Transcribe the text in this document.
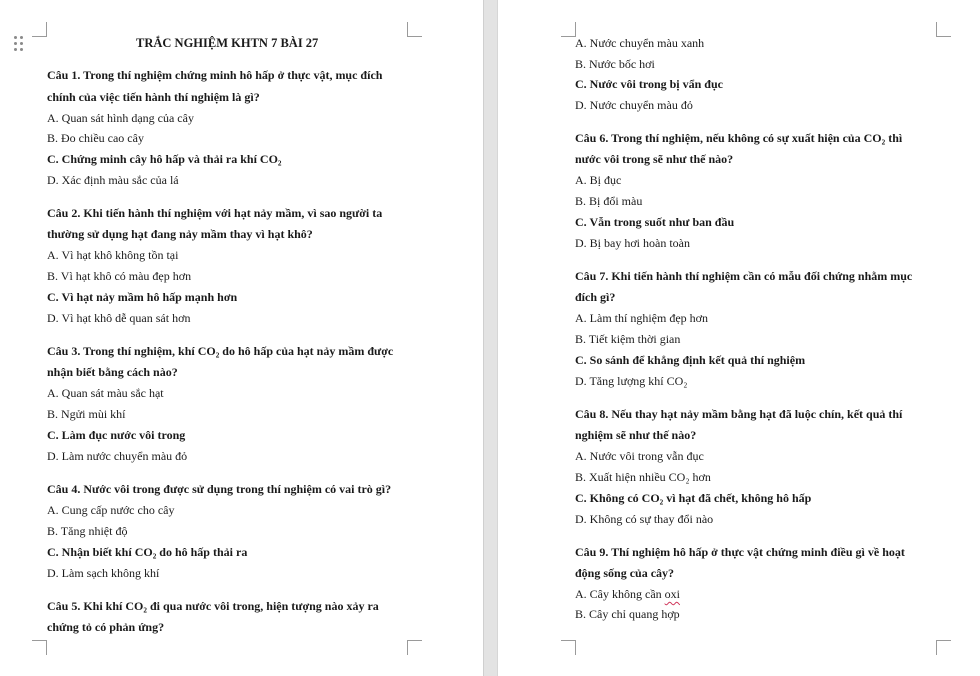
TRẮC NGHIỆM KHTN 7 BÀI 27
Câu 1. Trong thí nghiệm chứng minh hô hấp ở thực vật, mục đích
chính của việc tiến hành thí nghiệm là gì?
A. Quan sát hình dạng của cây
B. Đo chiều cao cây
C. Chứng minh cây hô hấp và thải ra khí CO₂
D. Xác định màu sắc của lá
Câu 2. Khi tiến hành thí nghiệm với hạt nảy mầm, vì sao người ta
thường sử dụng hạt đang nảy mầm thay vì hạt khô?
A. Vì hạt khô không tồn tại
B. Vì hạt khô có màu đẹp hơn
C. Vì hạt nảy mầm hô hấp mạnh hơn
D. Vì hạt khô dễ quan sát hơn
Câu 3. Trong thí nghiệm, khí CO₂ do hô hấp của hạt nảy mầm được
nhận biết bằng cách nào?
A. Quan sát màu sắc hạt
B. Ngửi mùi khí
C. Làm đục nước vôi trong
D. Làm nước chuyển màu đỏ
Câu 4. Nước vôi trong được sử dụng trong thí nghiệm có vai trò gì?
A. Cung cấp nước cho cây
B. Tăng nhiệt độ
C. Nhận biết khí CO₂ do hô hấp thải ra
D. Làm sạch không khí
Câu 5. Khi khí CO₂ đi qua nước vôi trong, hiện tượng nào xảy ra
chứng tỏ có phản ứng?
A. Nước chuyển màu xanh
B. Nước bốc hơi
C. Nước vôi trong bị vẩn đục
D. Nước chuyển màu đỏ
Câu 6. Trong thí nghiệm, nếu không có sự xuất hiện của CO₂ thì
nước vôi trong sẽ như thế nào?
A. Bị đục
B. Bị đổi màu
C. Vẫn trong suốt như ban đầu
D. Bị bay hơi hoàn toàn
Câu 7. Khi tiến hành thí nghiệm cần có mẫu đối chứng nhằm mục
đích gì?
A. Làm thí nghiệm đẹp hơn
B. Tiết kiệm thời gian
C. So sánh để khẳng định kết quả thí nghiệm
D. Tăng lượng khí CO₂
Câu 8. Nếu thay hạt nảy mầm bằng hạt đã luộc chín, kết quả thí
nghiệm sẽ như thế nào?
A. Nước vôi trong vẫn đục
B. Xuất hiện nhiều CO₂ hơn
C. Không có CO₂ vì hạt đã chết, không hô hấp
D. Không có sự thay đổi nào
Câu 9. Thí nghiệm hô hấp ở thực vật chứng minh điều gì về hoạt
động sống của cây?
A. Cây không cần oxi
B. Cây chỉ quang hợp
